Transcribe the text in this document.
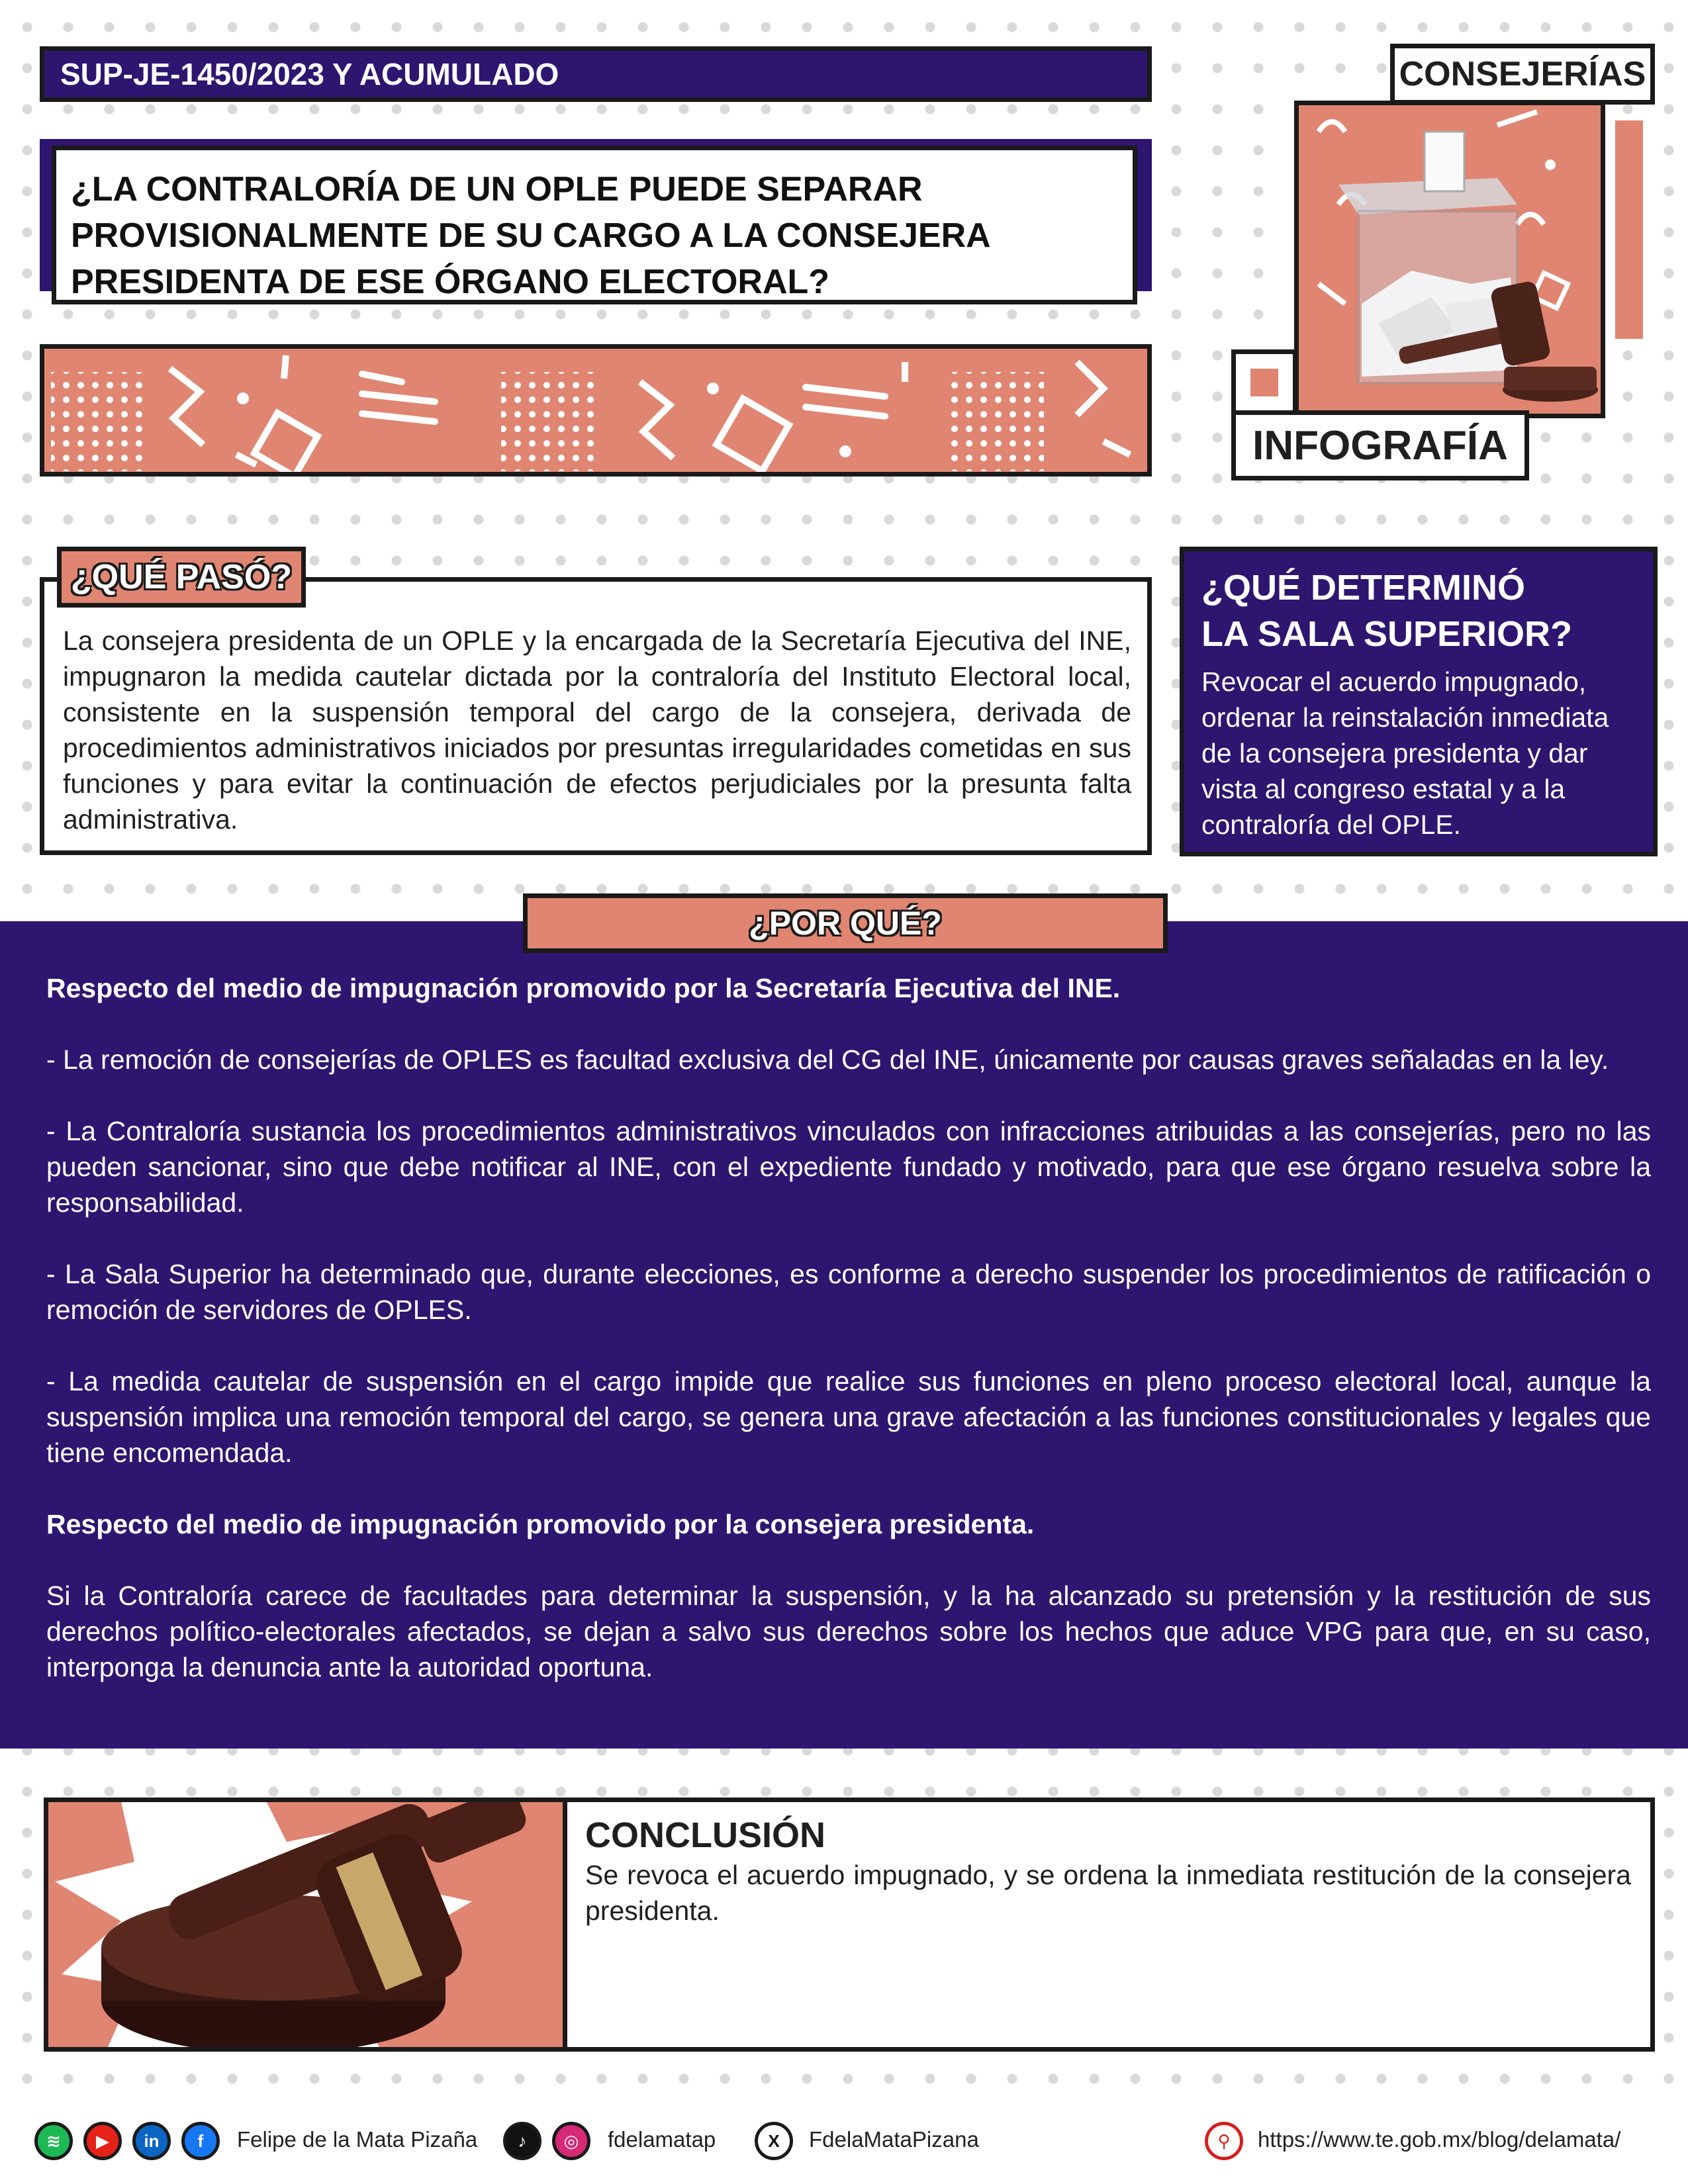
SUP-JE-1450/2023 Y ACUMULADO
¿LA CONTRALORÍA DE UN OPLE PUEDE SEPARAR
PROVISIONALMENTE DE SU CARGO A LA CONSEJERA
PRESIDENTA DE ESE ÓRGANO ELECTORAL?
CONSEJERÍAS
INFOGRAFÍA

La consejera presidenta de un OPLE y la encargada de la Secretaría Ejecutiva del INE, impugnaron la medida cautelar dictada por la contraloría del Instituto Electoral local, consistente en la suspensión temporal del cargo de la consejera, derivada de procedimientos administrativos iniciados por presuntas irregularidades cometidas en sus funciones y para evitar la continuación de efectos perjudiciales por la presunta falta administrativa.

¿QUÉ PASÓ?	¿QUÉ DETERMINÓ
LA SALA SUPERIOR?

Revocar el acuerdo impugnado, ordenar la reinstalación inmediata de la consejera presidenta y dar vista al congreso estatal y a la contraloría del OPLE.

Respecto del medio de impugnación promovido por la Secretaría Ejecutiva del INE.

- La remoción de consejerías de OPLES es facultad exclusiva del CG del INE, únicamente por causas graves señaladas en la ley.

- La Contraloría sustancia los procedimientos administrativos vinculados con infracciones atribuidas a las consejerías, pero no las pueden sancionar, sino que debe notificar al INE, con el expediente fundado y motivado, para que ese órgano resuelva sobre la responsabilidad.

- La Sala Superior ha determinado que, durante elecciones, es conforme a derecho suspender los procedimientos de ratificación o remoción de servidores de OPLES.

- La medida cautelar de suspensión en el cargo impide que realice sus funciones en pleno proceso electoral local, aunque la suspensión implica una remoción temporal del cargo, se genera una grave afectación a las funciones constitucionales y legales que tiene encomendada.

Respecto del medio de impugnación promovido por la consejera presidenta.

Si la Contraloría carece de facultades para determinar la suspensión, y la ha alcanzado su pretensión y la restitución de sus derechos político-electorales afectados, se dejan a salvo sus derechos sobre los hechos que aduce VPG para que, en su caso, interponga la denuncia ante la autoridad oportuna.

¿POR QUÉ?
CONCLUSIÓN
Se revoca el acuerdo impugnado, y se ordena la inmediata restitución de la consejera presidenta.
≋	▶	in	f	Felipe de la Mata Pizaña	♪	◎	fdelamatap	X	FdelaMataPizana	⚲	https://www.te.gob.mx/blog/delamata/
